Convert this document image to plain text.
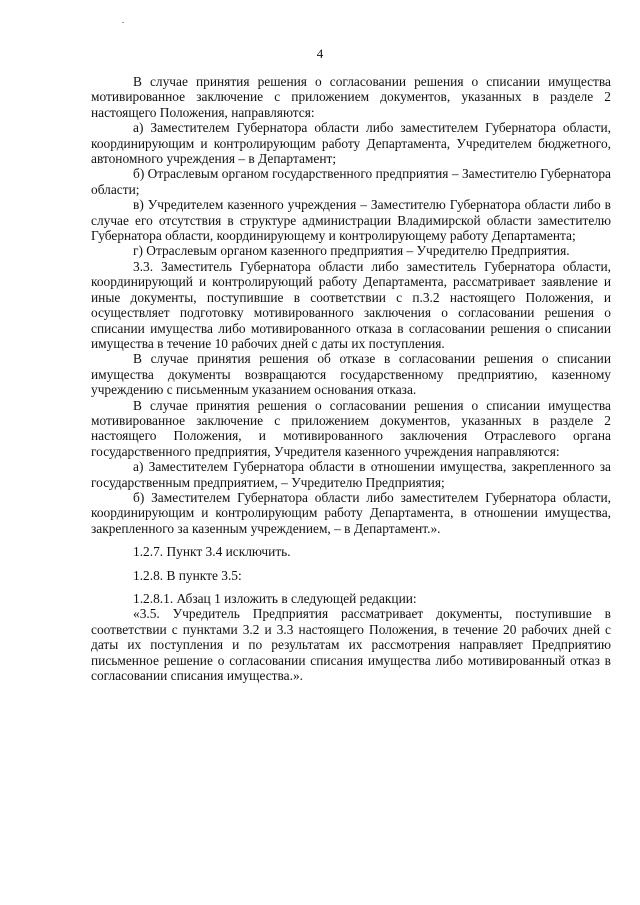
4

В случае принятия решения о согласовании решения о списании имущества мотивированное заключение с приложением документов, указанных в разделе 2 настоящего Положения, направляются:

а) Заместителем Губернатора области либо заместителем Губернатора области, координирующим и контролирующим работу Департамента, Учредителем бюджетного, автономного учреждения – в Департамент;

б) Отраслевым органом государственного предприятия – Заместителю Губернатора области;

в) Учредителем казенного учреждения – Заместителю Губернатора области либо в случае его отсутствия в структуре администрации Владимирской области заместителю Губернатора области, координирующему и контролирующему работу Департамента;

г) Отраслевым органом казенного предприятия – Учредителю Предприятия.

3.3. Заместитель Губернатора области либо заместитель Губернатора области, координирующий и контролирующий работу Департамента, рассматривает заявление и иные документы, поступившие в соответствии с п.3.2 настоящего Положения, и осуществляет подготовку мотивированного заключения о согласовании решения о списании имущества либо мотивированного отказа в согласовании решения о списании имущества в течение 10 рабочих дней с даты их поступления.

В случае принятия решения об отказе в согласовании решения о списании имущества документы возвращаются государственному предприятию, казенному учреждению с письменным указанием основания отказа.

В случае принятия решения о согласовании решения о списании имущества мотивированное заключение с приложением документов, указанных в разделе 2 настоящего Положения, и мотивированного заключения Отраслевого органа государственного предприятия, Учредителя казенного учреждения направляются:

а) Заместителем Губернатора области в отношении имущества, закрепленного за государственным предприятием, – Учредителю Предприятия;

б) Заместителем Губернатора области либо заместителем Губернатора области, координирующим и контролирующим работу Департамента, в отношении имущества, закрепленного за казенным учреждением, – в Департамент.».

1.2.7. Пункт 3.4 исключить.

1.2.8. В пункте 3.5:

1.2.8.1. Абзац 1 изложить в следующей редакции:

«3.5. Учредитель Предприятия рассматривает документы, поступившие в соответствии с пунктами 3.2 и 3.3 настоящего Положения, в течение 20 рабочих дней с даты их поступления и по результатам их рассмотрения направляет Предприятию письменное решение о согласовании списания имущества либо мотивированный отказ в согласовании списания имущества.».
